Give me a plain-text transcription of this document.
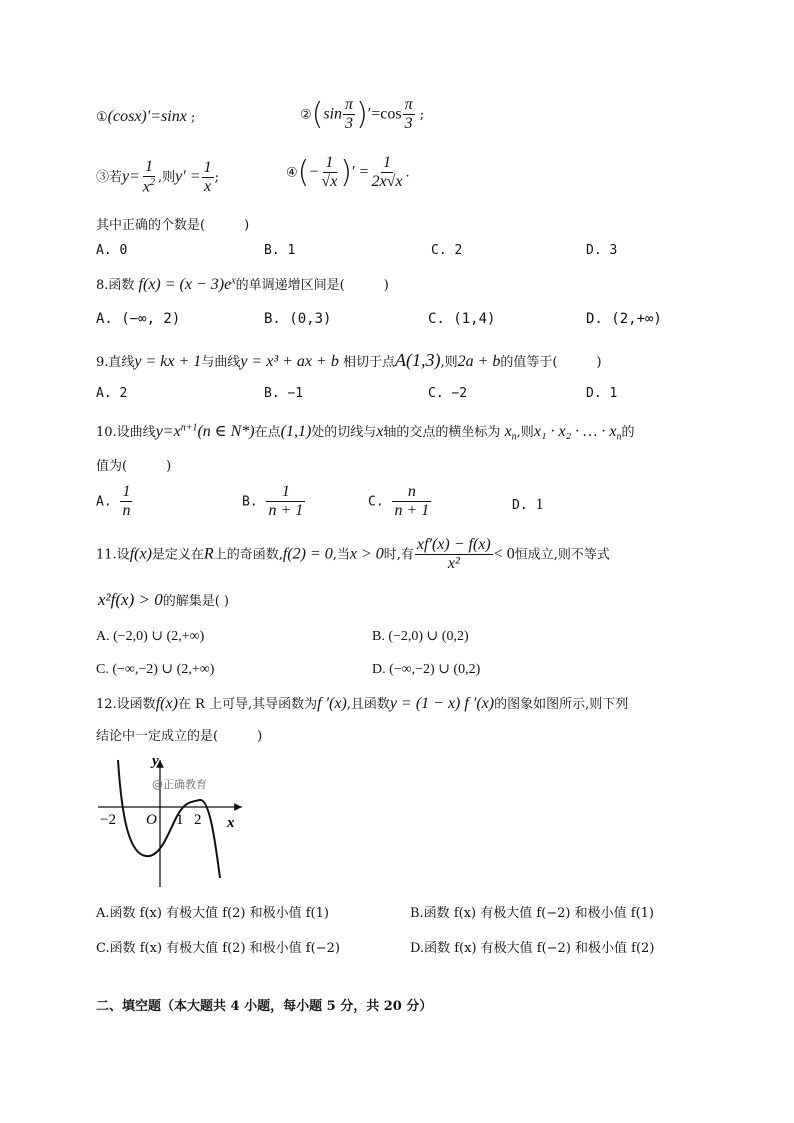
①(cosx)′=sinx ;	②(sin $\frac{\pi}{3} )'=\cos \frac{\pi}{3}$ ;
③若$y= \frac{1}{x^2}$ ,则$y' = \frac{1}{x}$ ;	④(− $\frac{1}{√x}$ )′ = $\frac{1}{2x√x}$ .
其中正确的个数是(　　　)
A. 0	B. 1	C. 2	D. 3
8.函数 $f(x) = (x - 3)e^x$的单调递增区间是(　　　)
A. (−∞, 2)	B. (0,3)	C. (1,4)	D. (2,+∞)
9.直线y = kx + 1与曲线y = x³ + ax + b 相切于点A(1,3),则2a + b的值等于(　　　)
A. 2	B. −1	C. −2	D. 1
10.设曲线$y=x^{n+1}(n$ ∈ N*)在点(1,1)处的切线与x轴的交点的横坐标为 $x_n$,则x₁ · x₂ · … · $x_n$的
值为(　　　)
A. $\frac{1}{n}$	B. $\frac{1}{n + 1}$	C. $\frac{n}{n + 1}$	D. 1
11.设f(x)是定义在R上的奇函数,f(2) = 0,当x > 0时,有 $\frac{xf'(x) - f(x)}{\text{x²}} < 0$恒成立,则不等式
x²f(x) > 0的解集是( )
A. (−2,0) ∪ (2,+∞)	B. (−2,0) ∪ (0,2)
C. (−∞,−2) ∪ (2,+∞)	D. (−∞,−2) ∪ (0,2)
12.设函数f(x)在 R 上可导,其导函数为f ′(x),且函数y = (1 − x) f ′(x)的图象如图所示,则下列
结论中一定成立的是(　　　)
y
x
O
−2	1 2
@正确教育
A.函数 f(x) 有极大值 f(2) 和极小值 f(1)	B.函数 f(x) 有极大值 f(−2) 和极小值 f(1)
C.函数 f(x) 有极大值 f(2) 和极小值 f(−2)	D.函数 f(x) 有极大值 f(−2) 和极小值 f(2)
二、填空题（本大题共 4 小题，每小题 5 分，共 20 分）
